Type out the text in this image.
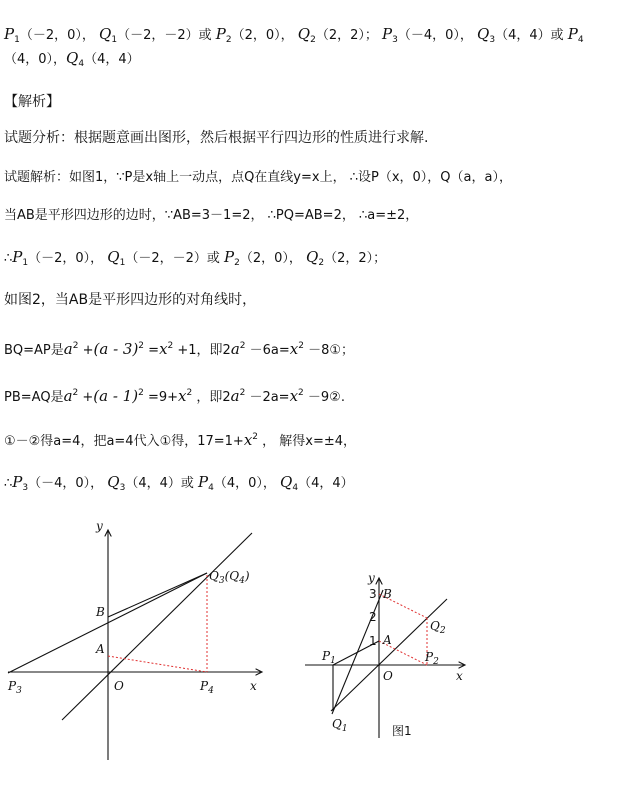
$P_1(-2$，0）， $Q_1(-2$，－2）或 $P_2(2$，0）， $Q_2(2$，2）； $P_3(-4$，0）， $Q_3(4$，4）或 $P_4$
（4，0），$Q_4(4$，4）
【解析】
试题分析：根据题意画出图形，然后根据平行四边形的性质进行求解.
试题解析：如图1，∵P是x轴上一动点，点Q在直线y=x上， ∴设P（x，0），Q（a，a），
当AB是平形四边形的边时，∵AB=3－1=2， ∴PQ=AB=2， ∴a=±2，
$\therefore P_1(-2$，0）， $Q_1(-2$，－2）或 $P_2(2$，0）， $Q_2(2$，2）；
如图2，当AB是平形四边形的对角线时，
BQ=AP是$a^2 +(a - 3)^2 =x^2 +1$，即$2a^2 -6a=x^2$ －8①；
PB=AQ是$a^2 +(a - 1)^2 =9+x^2$ ，即$2a^2 -2a=x^2$ －9②.
①－②得a=4，把a=4代入①得，$17=1+x^2$ ， 解得x=±4，
$\therefore P_3(-4$，0）， $Q_3(4$，4）或 $P_4(4$，0）， $Q_4(4$，4）
y
x
O
B
A
$Q_3(Q_4)$
$P_3$	$P_4$
y
x
O
B
A
3
2
1
$P_1$	$P_2$
$Q_1$
$Q_2$
图1
